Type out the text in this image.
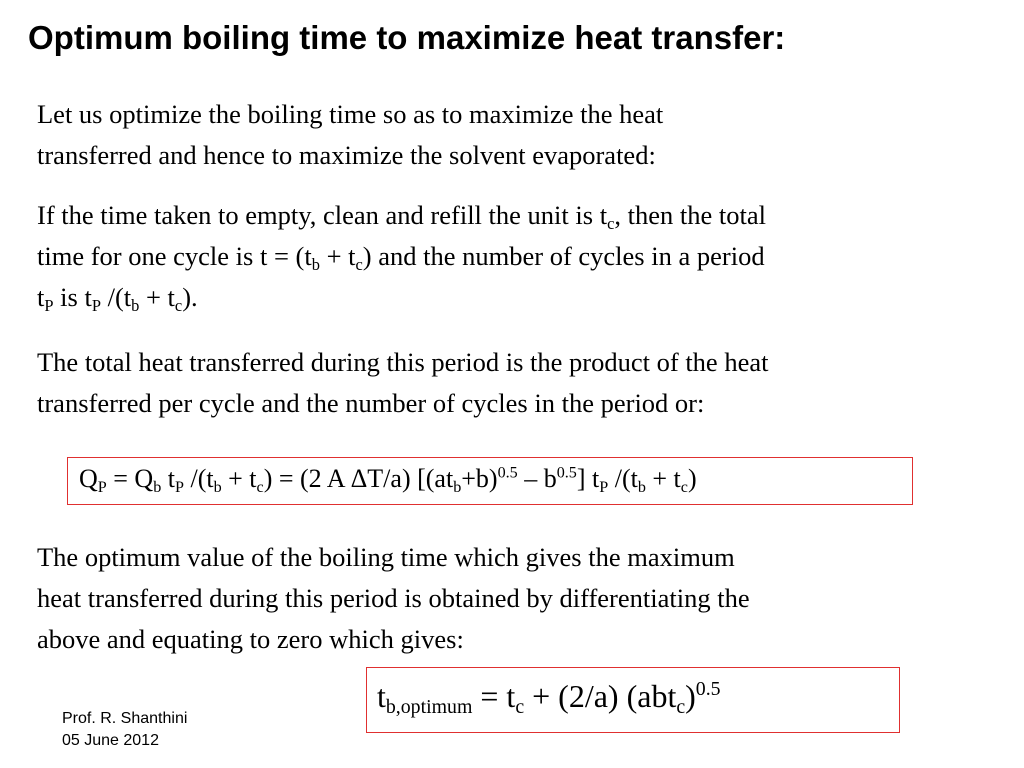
Optimum boiling time to maximize heat transfer:

Let us optimize the boiling time so as to maximize the heat

transferred and hence to maximize the solvent evaporated:

If the time taken to empty, clean and refill the unit is $t_c$, then the total

time for one cycle is $t = (t_b + t_c)$ and the number of cycles in a period

$t_P$ is $t_P$ $/(t_b + t_c)$.

The total heat transferred during this period is the product of the heat

transferred per cycle and the number of cycles in the period or:

$Q_P = Q_b$ $t_P$ $/(t_b + t_c) = (2$ A ΔT/a) $[(at_b+b)^{0.5} - b^{0.5}]$ $t_P$ $/(t_b + t_c)$

The optimum value of the boiling time which gives the maximum

heat transferred during this period is obtained by differentiating the

above and equating to zero which gives:

$t_{b,optimum} = t_c + (2/a)$ $(abt_c)^{0.5}$
Prof. R. Shanthini
05 June 2012
